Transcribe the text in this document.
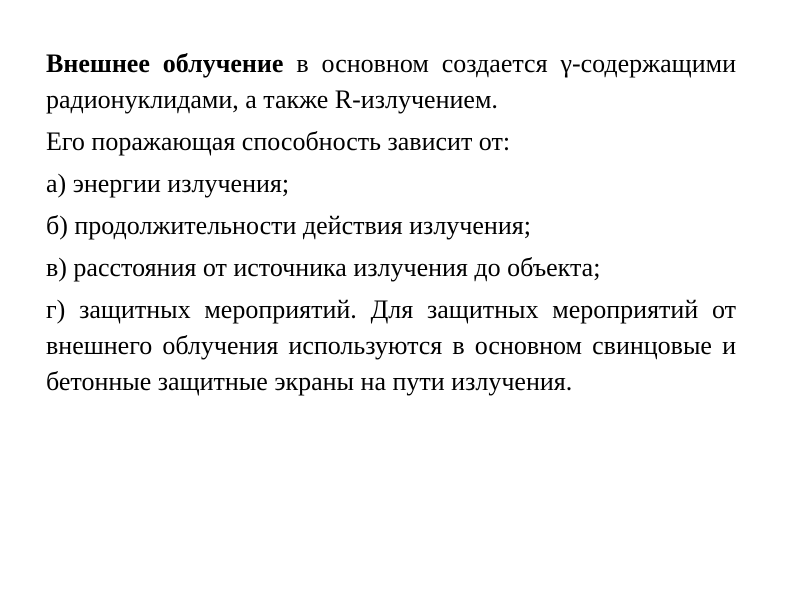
Внешнее облучение в основном создается γ-содержащими радионуклидами, а также R-излучением.

Его поражающая способность зависит от:

а) энергии излучения;

б) продолжительности действия излучения;

в) расстояния от источника излучения до объекта;

г) защитных мероприятий. Для защитных мероприятий от внешнего облучения используются в основном свинцовые и бетонные защитные экраны на пути излучения.
